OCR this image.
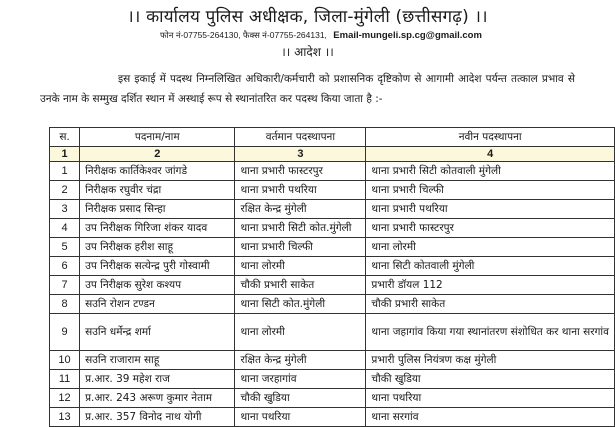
।। कार्यालय पुलिस अधीक्षक, जिला-मुंगेली (छत्तीसगढ़) ।।
फोन नं-07755-264130, फैक्स नं-07755-264131, Email-mungeli.sp.cg@gmail.com
।। आदेश ।।
इस इकाई में पदस्थ निम्नलिखित अधिकारी/कर्मचारी को प्रशासनिक दृष्टिकोण से आगामी आदेश पर्यन्त तत्काल प्रभाव से उनके नाम के सम्मुख दर्शित स्थान में अस्थाई रूप से स्थानांतरित कर पदस्थ किया जाता है :-
स.	पदनाम/नाम	वर्तमान पदस्थापना	नवीन पदस्थापना
1	2	3	4
1	निरीक्षक कार्तिकेश्वर जांगडे	थाना प्रभारी फास्टरपुर	थाना प्रभारी सिटी कोतवाली मुंगेली
2	निरीक्षक रघुवीर चंद्रा	थाना प्रभारी पथरिया	थाना प्रभारी चिल्फी
3	निरीक्षक प्रसाद सिन्हा	रक्षित केन्द्र मुंगेली	थाना प्रभारी पथरिया
4	उप निरीक्षक गिरिजा शंकर यादव	थाना प्रभारी सिटी कोत.मुंगेली	थाना प्रभारी फास्टरपुर
5	उप निरीक्षक हरीश साहू	थाना प्रभारी चिल्फी	थाना लोरमी
6	उप निरीक्षक सत्येन्द्र पुरी गोस्वामी	थाना लोरमी	थाना सिटी कोतवाली मुंगेली
7	उप निरीक्षक सुरेश कश्यप	चौकी प्रभारी साकेत	प्रभारी डॉयल 112
8	सउनि रोशन टण्डन	थाना सिटी कोत.मुंगेली	चौकी प्रभारी साकेत
9	सउनि धर्मेन्द्र शर्मा	थाना लोरमी	थाना जहागांव किया गया स्थानांतरण संशोधित कर थाना सरगांव
10	सउनि राजाराम साहू	रक्षित केन्द्र मुंगेली	प्रभारी पुलिस नियंत्रण कक्ष मुंगेली
11	प्र.आर. 39 महेश राज	थाना जरहागांव	चौकी खुडिया
12	प्र.आर. 243 अरूण कुमार नेताम	चौकी खुडिया	थाना पथरिया
13	प्र.आर. 357 विनोद नाथ योगी	थाना पथरिया	थाना सरगांव
